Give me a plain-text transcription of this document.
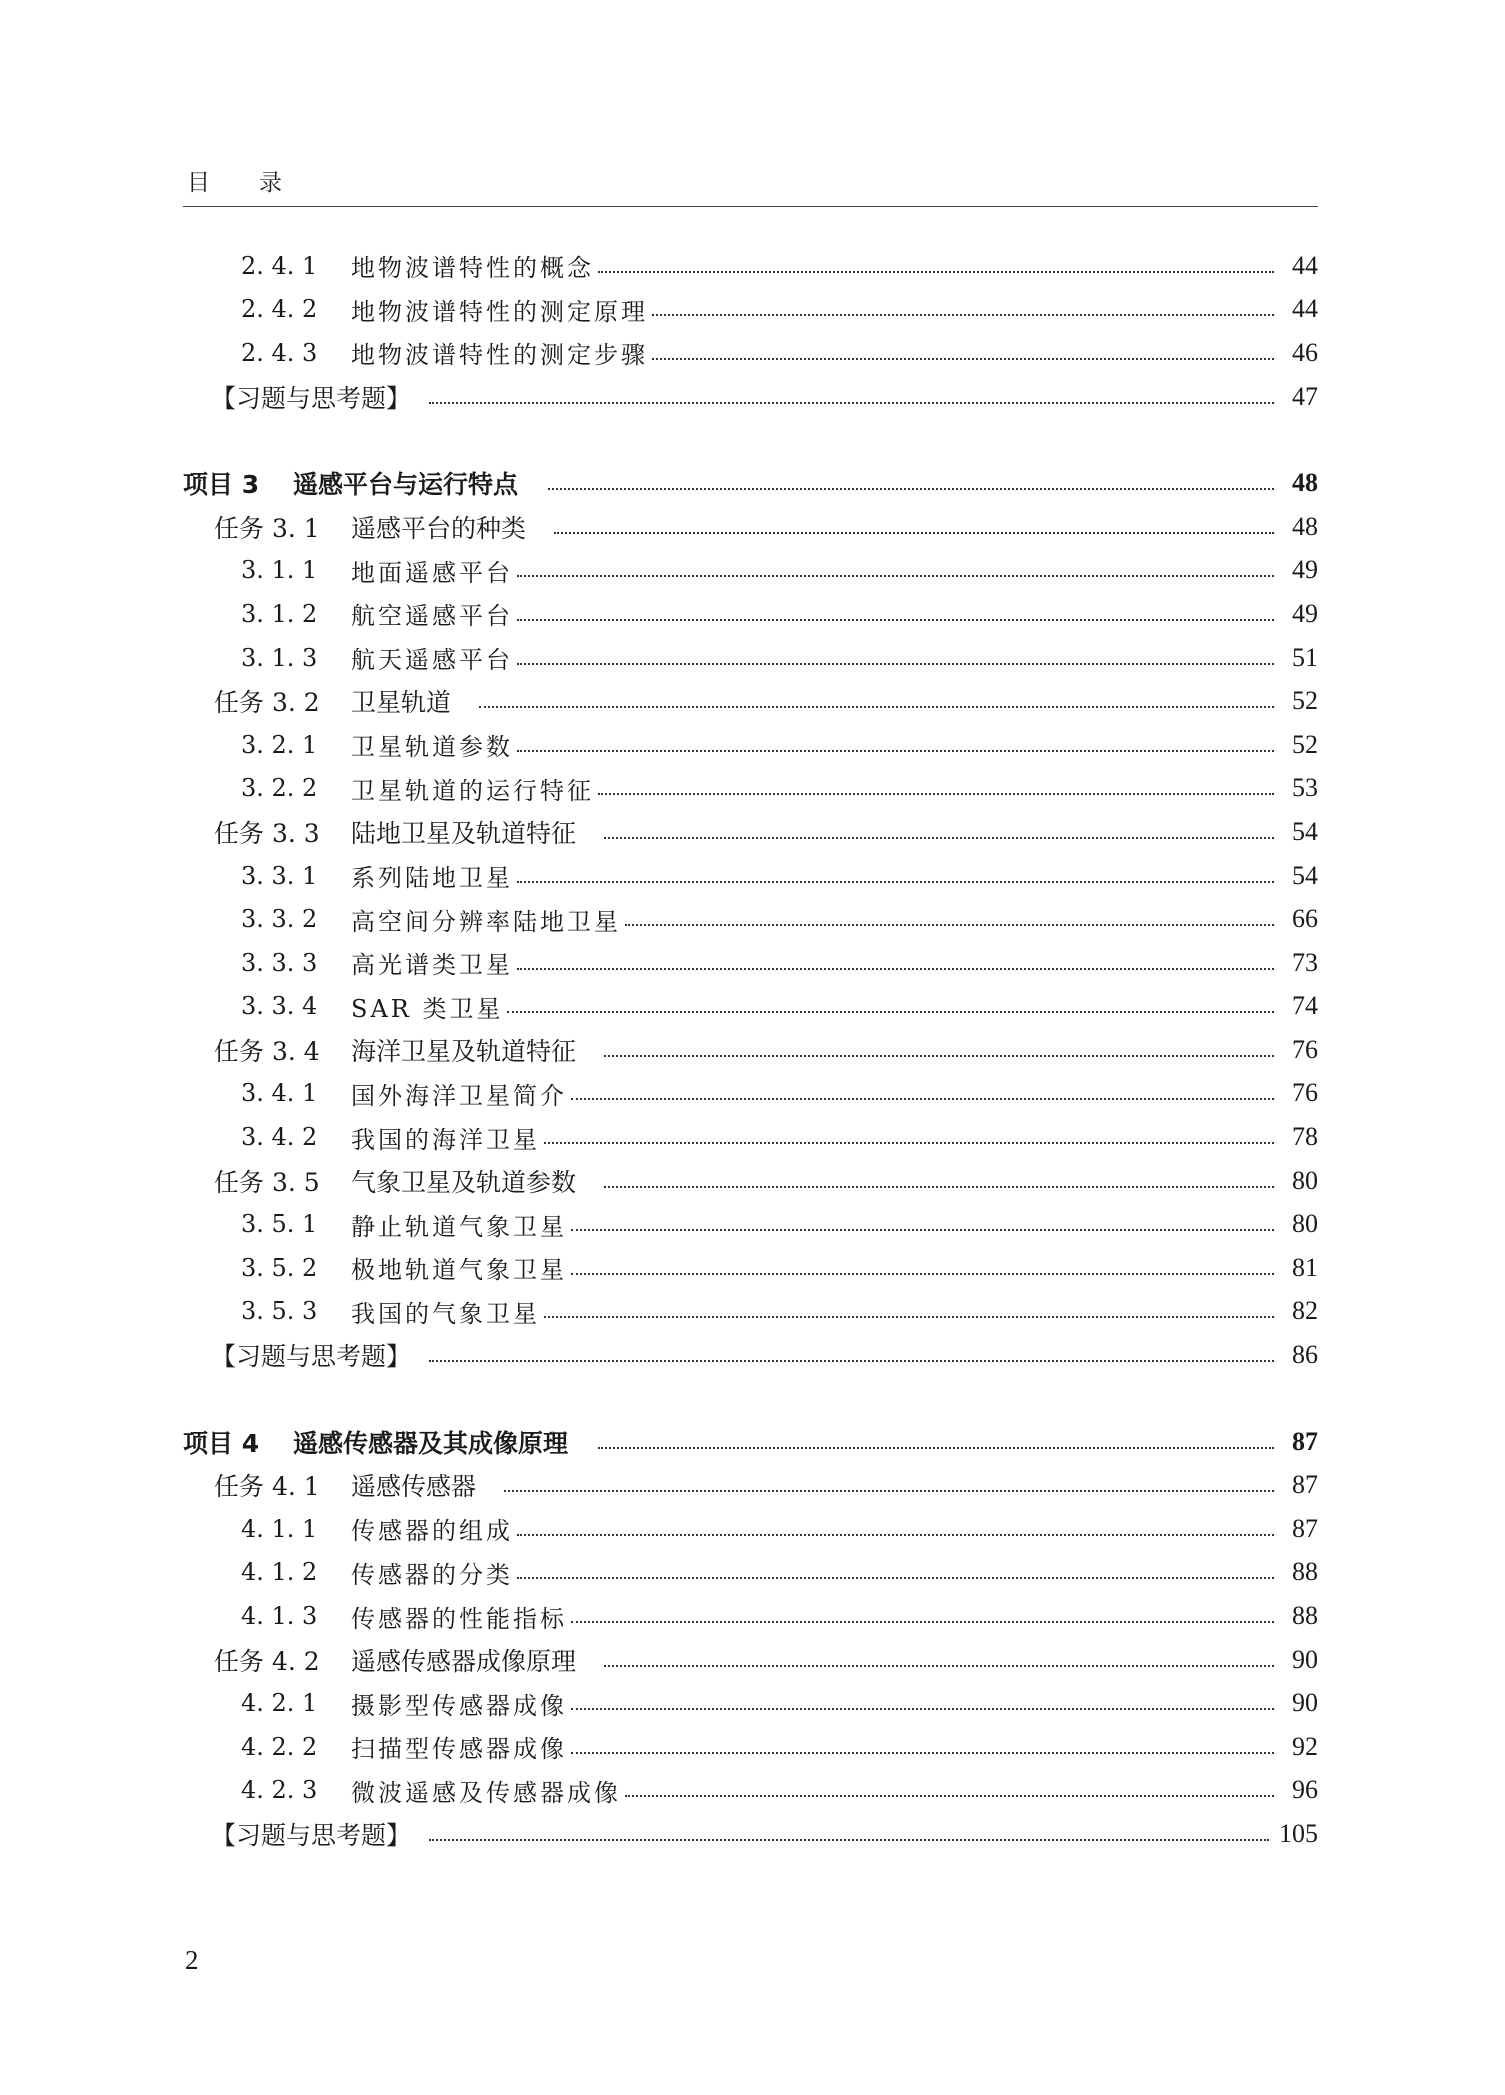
目 录
2. 4. 1	地物波谱特性的概念	44
2. 4. 2	地物波谱特性的测定原理	44
2. 4. 3	地物波谱特性的测定步骤	46
【习题与思考题】	47
项目 3	遥感平台与运行特点	48
任务 3. 1	遥感平台的种类	48
3. 1. 1	地面遥感平台	49
3. 1. 2	航空遥感平台	49
3. 1. 3	航天遥感平台	51
任务 3. 2	卫星轨道	52
3. 2. 1	卫星轨道参数	52
3. 2. 2	卫星轨道的运行特征	53
任务 3. 3	陆地卫星及轨道特征	54
3. 3. 1	系列陆地卫星	54
3. 3. 2	高空间分辨率陆地卫星	66
3. 3. 3	高光谱类卫星	73
3. 3. 4	SAR 类卫星	74
任务 3. 4	海洋卫星及轨道特征	76
3. 4. 1	国外海洋卫星简介	76
3. 4. 2	我国的海洋卫星	78
任务 3. 5	气象卫星及轨道参数	80
3. 5. 1	静止轨道气象卫星	80
3. 5. 2	极地轨道气象卫星	81
3. 5. 3	我国的气象卫星	82
【习题与思考题】	86
项目 4	遥感传感器及其成像原理	87
任务 4. 1	遥感传感器	87
4. 1. 1	传感器的组成	87
4. 1. 2	传感器的分类	88
4. 1. 3	传感器的性能指标	88
任务 4. 2	遥感传感器成像原理	90
4. 2. 1	摄影型传感器成像	90
4. 2. 2	扫描型传感器成像	92
4. 2. 3	微波遥感及传感器成像	96
【习题与思考题】	105
2
